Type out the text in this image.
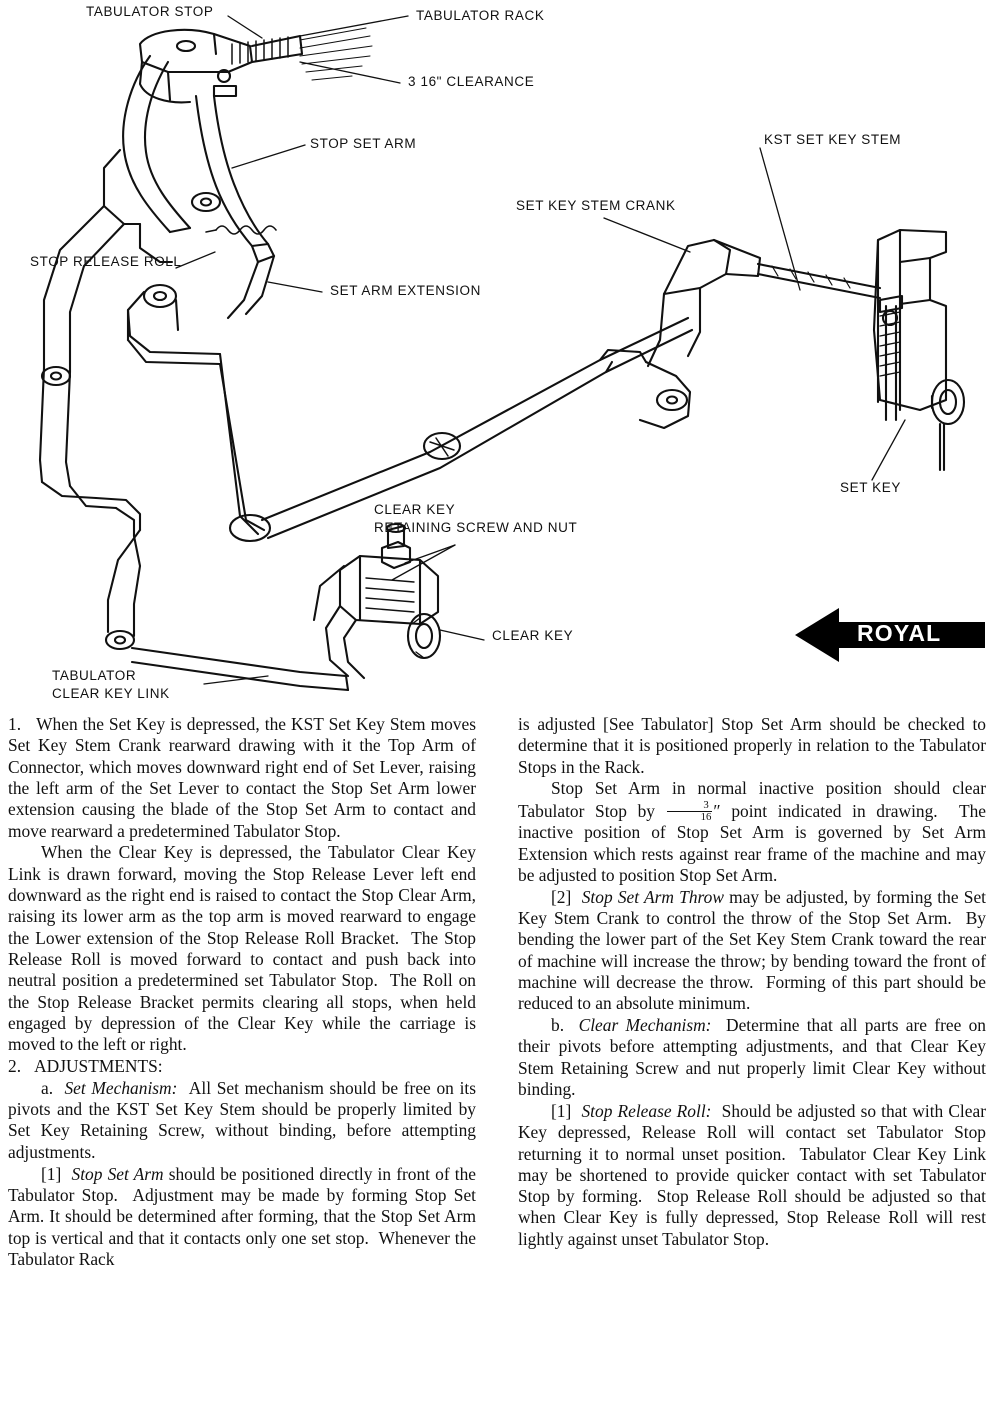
TABULATOR STOP	TABULATOR RACK
3 16" CLEARANCE
STOP SET ARM	KST SET KEY STEM
SET KEY STEM CRANK
STOP RELEASE ROLL
SET ARM EXTENSION
SET KEY
CLEAR KEY
RETAINING SCREW AND NUT
CLEAR KEY
TABULATOR
CLEAR KEY LINK
ROYAL

1.   When the Set Key is depressed, the KST Set Key Stem moves Set Key Stem Crank rearward drawing with it the Top Arm of Connector, which moves downward right end of Set Lever, raising the left arm of the Set Lever to contact the Stop Set Arm lower extension causing the blade of the Stop Set Arm to contact and move rearward a predetermined Tabulator Stop.

When the Clear Key is depressed, the Tabulator Clear Key Link is drawn forward, moving the Stop Release Lever left end downward as the right end is raised to contact the Stop Clear Arm, raising its lower arm as the top arm is moved rearward to engage the Lower extension of the Stop Release Roll Bracket.  The Stop Release Roll is moved forward to contact and push back into neutral position a predetermined set Tabulator Stop.  The Roll on the Stop Release Bracket permits clearing all stops, when held engaged by depression of the Clear Key while the carriage is moved to the left or right.

2.   ADJUSTMENTS:

a.  Set Mechanism:  All Set mechanism should be free on its pivots and the KST Set Key Stem should be properly limited by Set Key Retaining Screw, without binding, before attempting adjustments.

[1]  Stop Set Arm should be positioned directly in front of the Tabulator Stop.  Adjustment may be made by forming Stop Set Arm. It should be determined after forming, that the Stop Set Arm top is vertical and that it contacts only one set stop.  Whenever the Tabulator Rack

is adjusted [See Tabulator] Stop Set Arm should be checked to determine that it is positioned properly in relation to the Tabulator Stops in the Rack.

Stop Set Arm in normal inactive position should clear Tabulator Stop by $\frac{3}{16}$ ″ point indicated in drawing.  The inactive position of Stop Set Arm is governed by Set Arm Extension which rests against rear frame of the machine and may be adjusted to position Stop Set Arm.

[2]  Stop Set Arm Throw may be adjusted, by forming the Set Key Stem Crank to control the throw of the Stop Set Arm.  By bending the lower part of the Set Key Stem Crank toward the rear of machine will increase the throw; by bending toward the front of machine will decrease the throw.  Forming of this part should be reduced to an absolute minimum.

b.  Clear Mechanism:  Determine that all parts are free on their pivots before attempting adjustments, and that Clear Key Stem Retaining Screw and nut properly limit Clear Key without binding.

[1]  Stop Release Roll:  Should be adjusted so that with Clear Key depressed, Release Roll will contact set Tabulator Stop returning it to normal unset position.  Tabulator Clear Key Link may be shortened to provide quicker contact with set Tabulator Stop by forming.  Stop Release Roll should be adjusted so that when Clear Key is fully depressed, Stop Release Roll will rest lightly against unset Tabulator Stop.
